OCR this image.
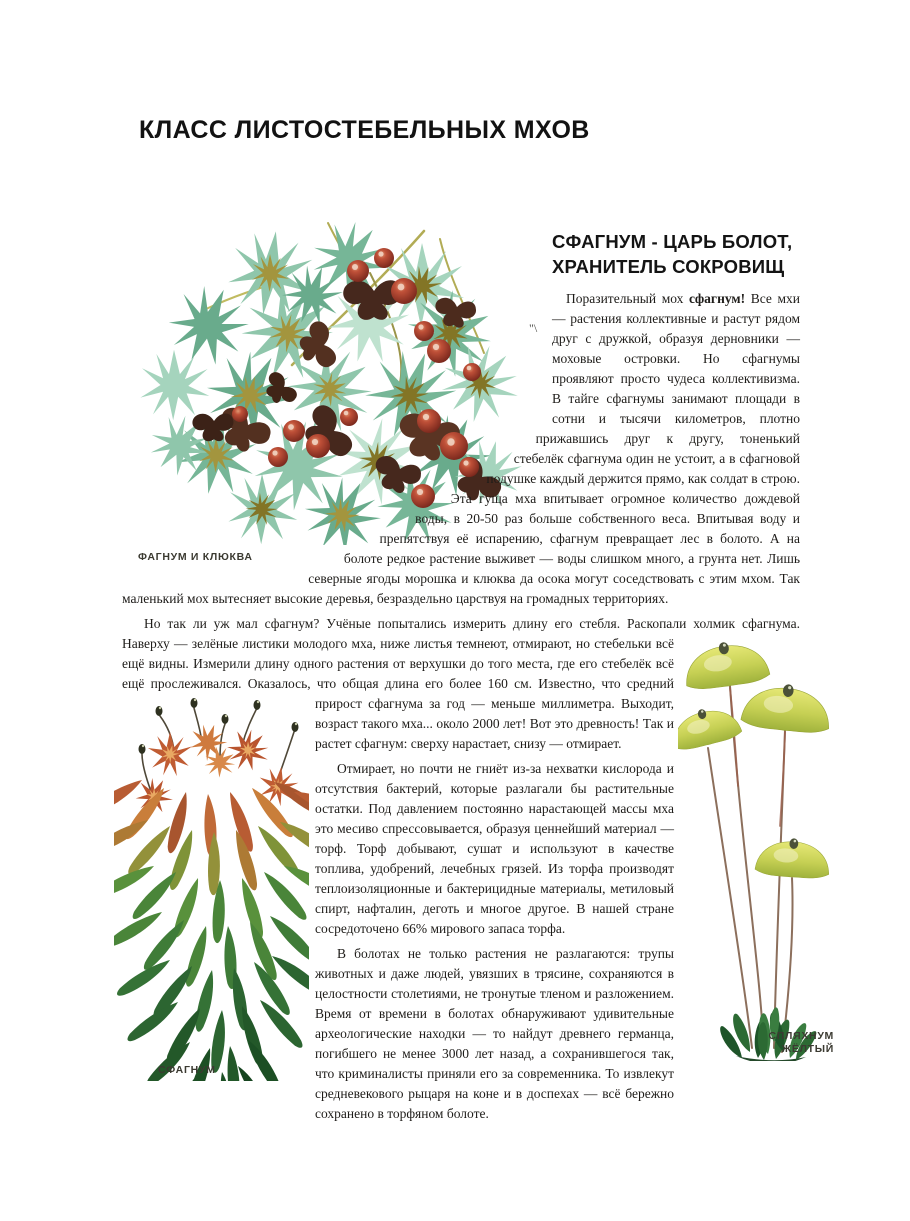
КЛАСС ЛИСТОСТЕБЕЛЬНЫХ МХОВ
"\
ФАГНУМ И КЛЮКВА
СФАГНУМ - ЦАРЬ БОЛОТ,
ХРАНИТЕЛЬ СОКРОВИЩ

Поразительный мох сфагнум! Все мхи — растения коллективные и растут рядом друг с дружкой, образуя дерновники — моховые островки. Но сфагнумы проявляют просто чудеса коллективизма. В тайге сфагнумы занимают площади в сотни и тысячи километров, плотно прижавшись друг к другу, тоненький стебелёк сфагнума один не устоит, а в сфагновой подушке каждый держится прямо, как солдат в строю. Эта гуща мха впитывает огромное количество дождевой воды, в 20-50 раз больше собственного веса. Впитывая воду и препятствуя её испарению, сфагнум превращает лес в болото. А на болоте редкое растение выживет — воды слишком много, а грунта нет. Лишь северные ягоды морошка и клюква да осока могут соседствовать с этим мхом. Так маленький мох вытесняет высокие деревья, безраздельно царствуя на громадных территориях.

Но так ли уж мал сфагнум? Учёные попытались измерить длину его стебля. Раскопали холмик сфагнума. Наверху — зелёные листики молодого мха, ниже листья темнеют,
СПЛЯХНУМ
ЖЁЛТЫЙ
отмирают, но стебельки всё ещё видны. Измерили длину одного растения от верхушки до того места, где его стебелёк всё ещё прослеживался. Оказалось, что общая длина его более 160 см.
СФАГНУМ
Известно, что средний прирост сфагнума за год — меньше миллиметра. Выходит, возраст такого мха... около 2000 лет! Вот это древность! Так и растет сфагнум: сверху нарастает, снизу — отмирает.

Отмирает, но почти не гниёт из-за нехватки кислорода и отсутствия бактерий, которые разлагали бы растительные остатки. Под давлением постоянно нарастающей массы мха это месиво спрессовывается, образуя ценнейший материал — торф. Торф добывают, сушат и используют в качестве топлива, удобрений, лечебных грязей. Из торфа производят теплоизоляционные и бактерицидные материалы, метиловый спирт, нафталин, деготь и многое другое. В нашей стране сосредоточено 66% мирового запаса торфа.

В болотах не только растения не разлагаются: трупы животных и даже людей, увязших в трясине, сохраняются в целостности столетиями, не тронутые тленом и разложением. Время от времени в болотах обнаруживают удивительные археологические находки — то найдут древнего германца, погибшего не менее 3000 лет назад, а сохранившегося так, что криминалисты приняли его за современника. То извлекут средневекового рыцаря на коне и в доспехах — всё бережно сохранено в торфяном болоте.
